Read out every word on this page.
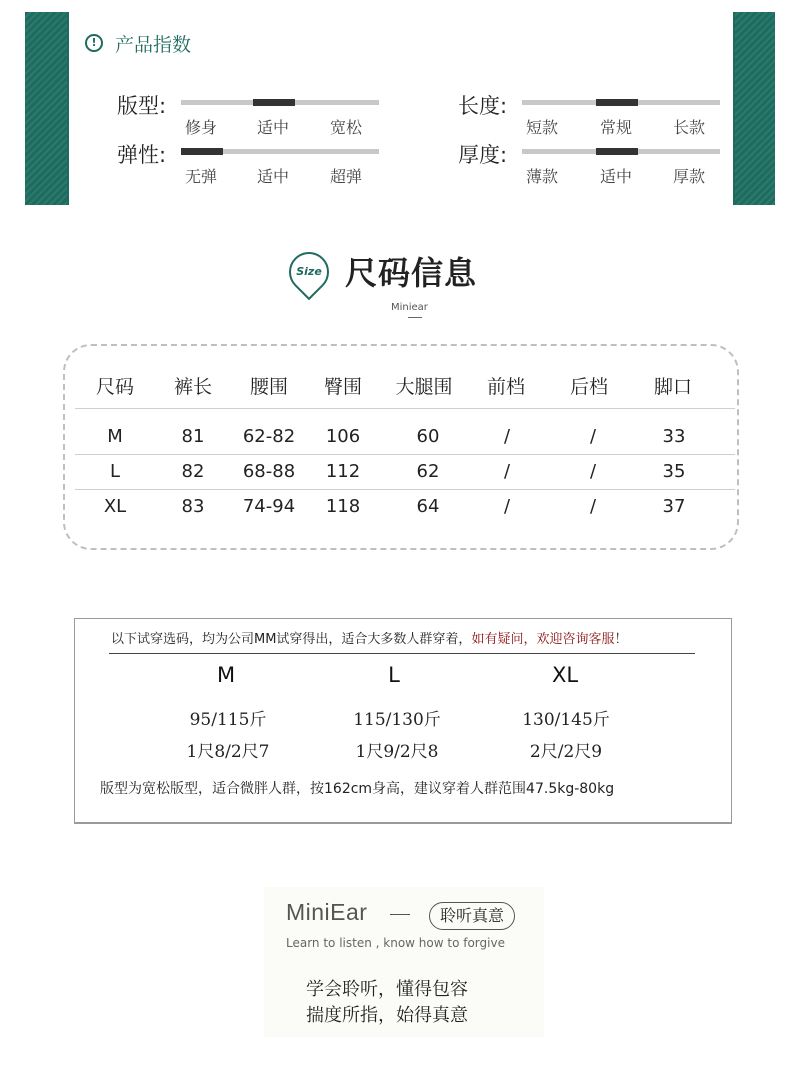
! 产品指数
版型:
修身 适中	宽松
长度:
短款	常规	长款
弹性:
无弹 适中	超弹
厚度:
薄款	适中	厚款
Size 尺码信息
Miniear
尺码	裤长	腰围	臀围	大腿围	前档	后档	脚口
M	81	62-82	106	60	/	/	33
L	82	68-88	112	62	/	/	35
XL	83	74-94	118	64	/	/	37
以下试穿选码，均为公司MM试穿得出，适合大多数人群穿着，如有疑问，欢迎咨询客服！
M	L	XL
95/115斤	115/130斤	130/145斤
1尺8/2尺7	1尺9/2尺8	2尺/2尺9
版型为宽松版型，适合微胖人群，按162cm身高，建议穿着人群范围47.5kg-80kg
MiniEar	聆听真意
Learn to listen , know how to forgive
学会聆听，懂得包容
揣度所指，始得真意
